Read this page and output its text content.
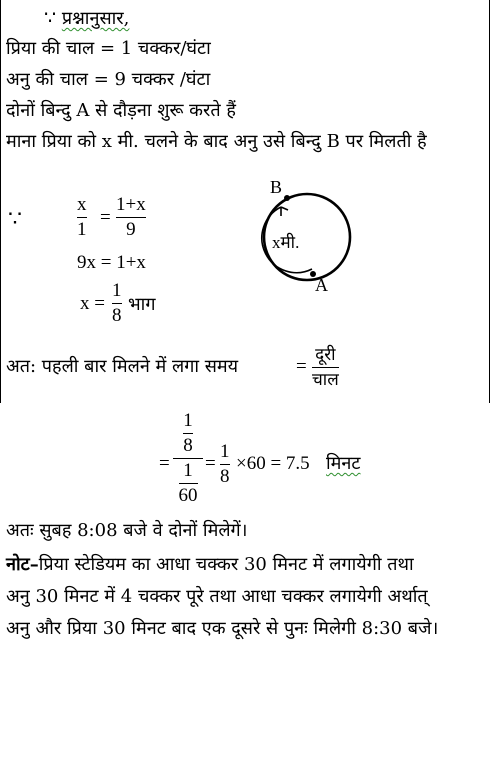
∵ प्रश्नानुसार,
प्रिया की चाल = 1 चक्कर/घंटा
अनु की चाल = 9 चक्कर /घंटा
दोनों बिन्दु A से दौड़ना शुरू करते हैं
माना प्रिया को x मी. चलने के बाद अनु उसे बिन्दु B पर मिलती है
∵
x
1
=
1+x
9
9x = 1+x
x =
1
8
भाग
B
A
xमी.
अत: पहली बार मिलने में लगा समय	=
दूरी
चाल
=
$\frac{1}{8}$
$\frac{1}{60}$ =
1
8
×60 = 7.5 मिनट
अतः सुबह 8:08 बजे वे दोनों मिलेगें।
नोट–प्रिया स्टेडियम का आधा चक्कर 30 मिनट में लगायेगी तथा
अनु 30 मिनट में 4 चक्कर पूरे तथा आधा चक्कर लगायेगी अर्थात्
अनु और प्रिया 30 मिनट बाद एक दूसरे से पुनः मिलेगी 8:30 बजे।
